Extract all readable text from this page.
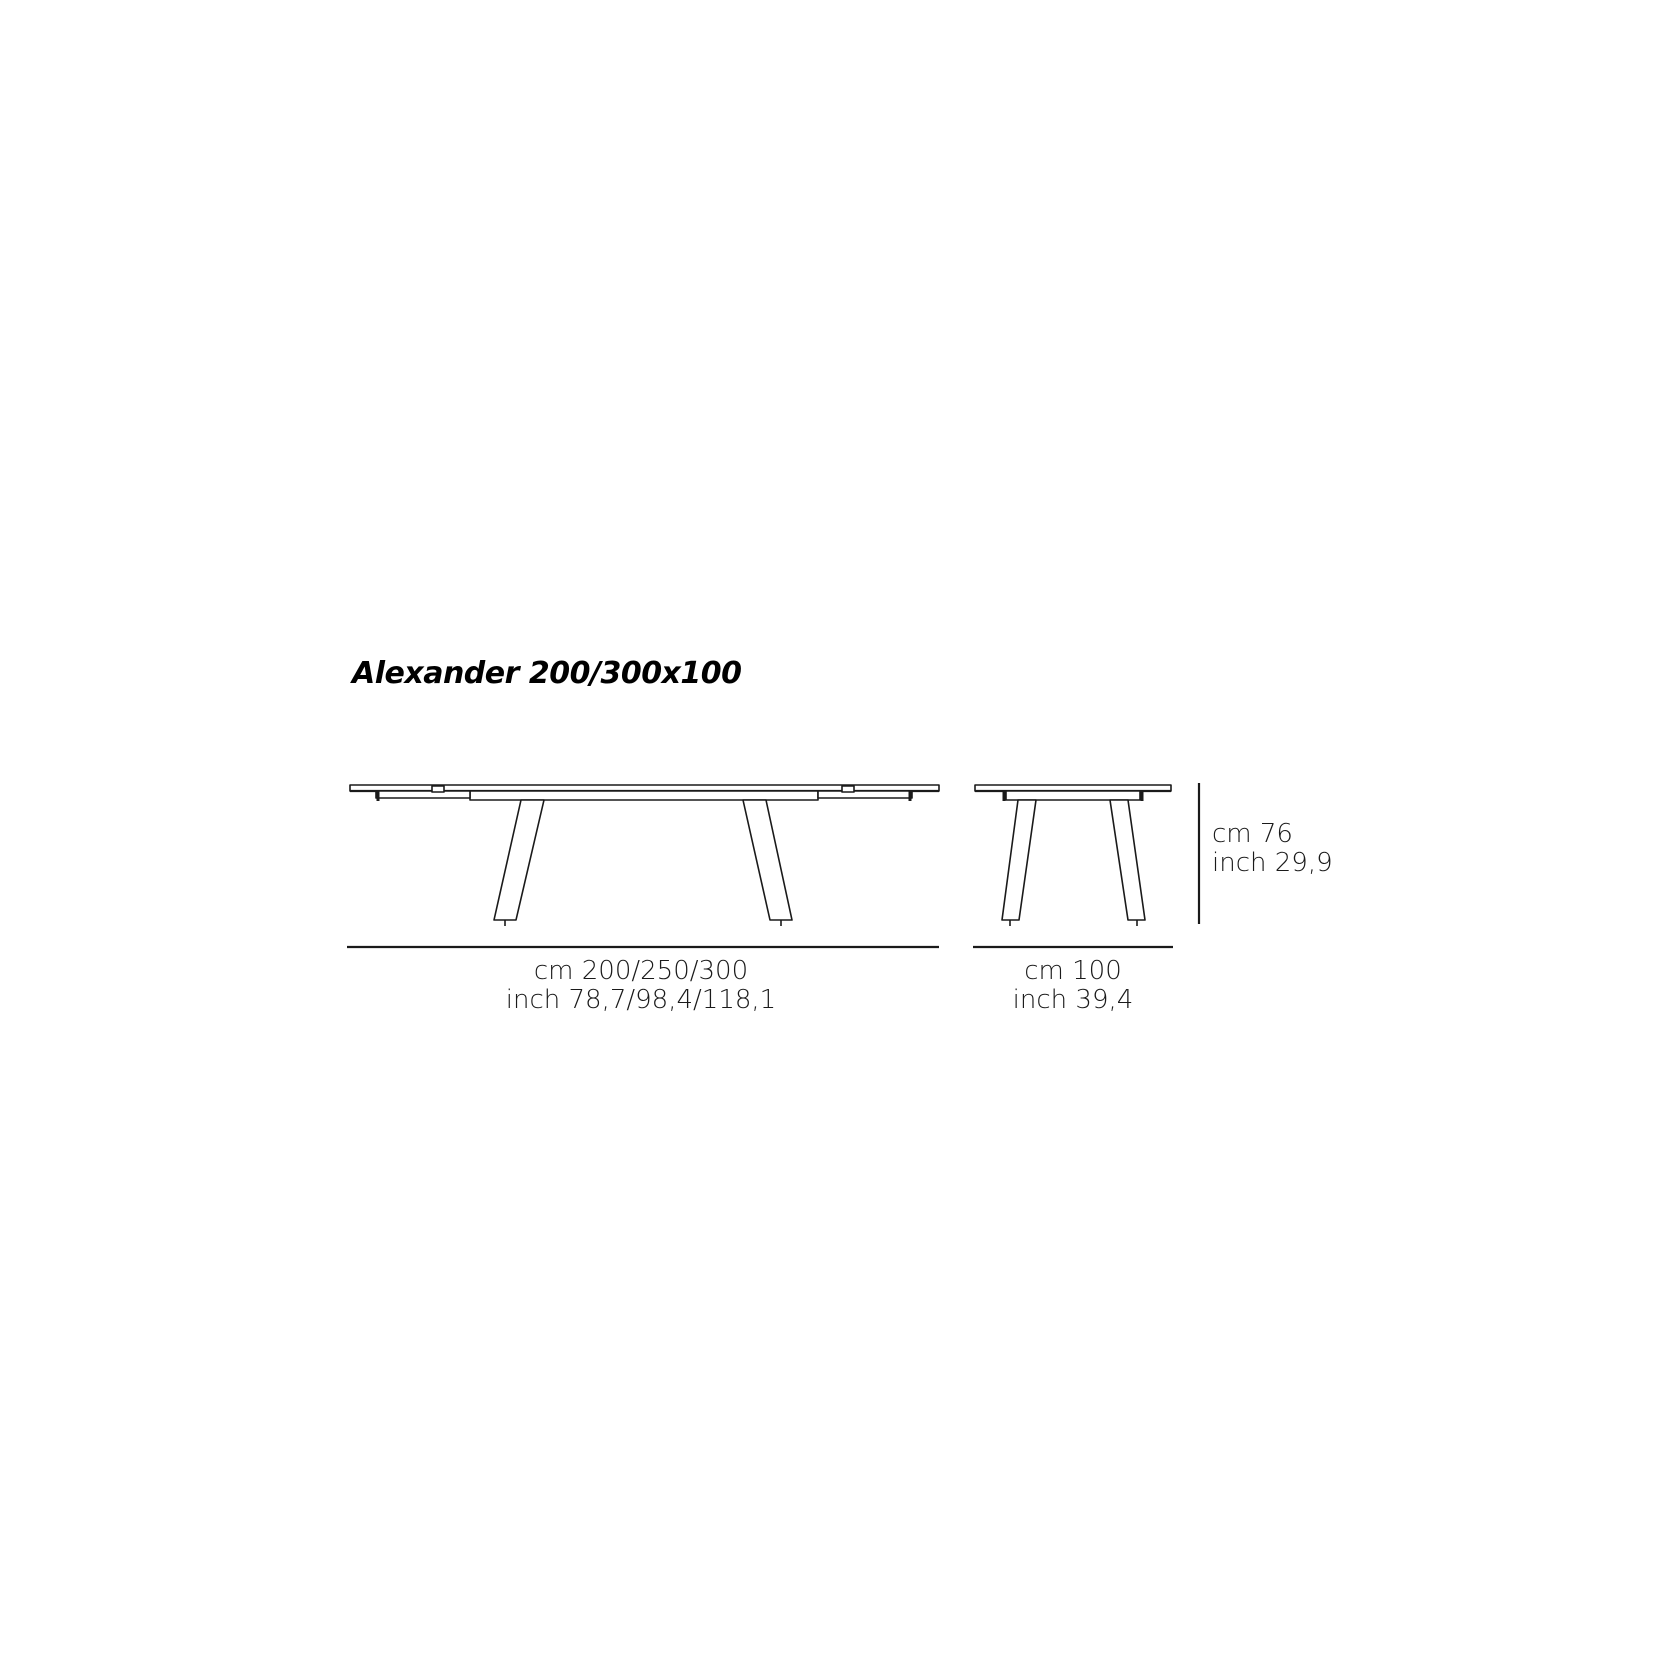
Alexander 200/300x100
cm 200/250/300
inch 78,7/98,4/118,1
cm 100
inch 39,4
cm 76
inch 29,9
